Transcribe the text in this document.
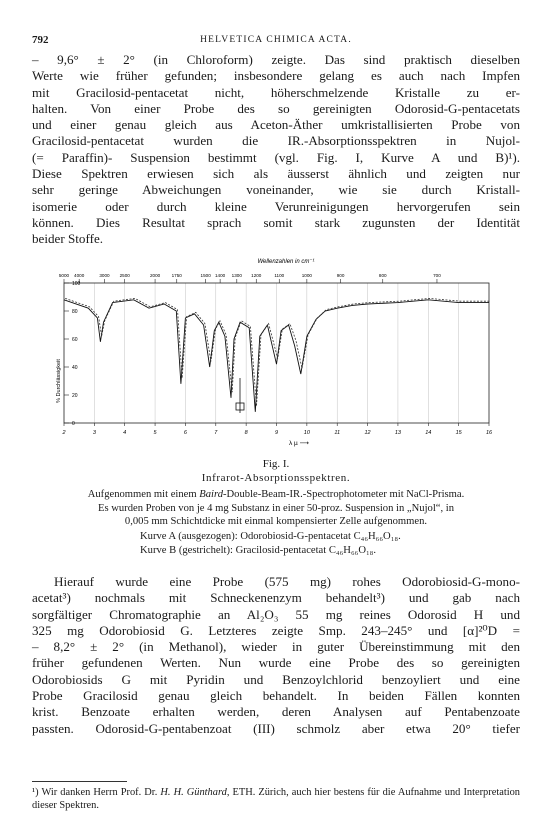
792	HELVETICA CHIMICA ACTA.
– 9,6° ± 2° (in Chloroform) zeigte. Das sind praktisch dieselben
Werte wie früher gefunden; insbesondere gelang es auch nach Impfen
mit Gracilosid-pentacetat nicht, höherschmelzende Kristalle zu er-
halten. Von einer Probe des so gereinigten Odorosid-G-pentacetats
und einer genau gleich aus Aceton-Äther umkristallisierten Probe von
Gracilosid-pentacetat wurden die IR.-Absorptionsspektren in Nujol-
(= Paraffin)- Suspension bestimmt (vgl. Fig. I, Kurve A und B)¹).
Diese Spektren erwiesen sich als äusserst ähnlich und zeigten nur
sehr geringe Abweichungen voneinander, wie sie durch Kristall-
isomerie oder durch kleine Verunreinigungen hervorgerufen sein
können. Dies Resultat sprach somit stark zugunsten der Identität
beider Stoffe.
Wellenzahlen in cm⁻¹
5000 4000	3000 2500	2000 1750	1500 1400 1300 1200	1100	1000	900	800	700
100
80
60
40
20
0
% Durchlässigkeit
2	3	4	5	6	7	8	9	10	11	12	13	14	15	16
λ µ ⟶
Fig. I.
Infrarot-Absorptionsspektren.
Aufgenommen mit einem Baird-Double-Beam-IR.-Spectrophotometer mit NaCl-Prisma.
Es wurden Proben von je 4 mg Substanz in einer 50-proz. Suspension in „Nujol“, in
0,005 mm Schichtdicke mit einmal kompensierter Zelle aufgenommen.
Kurve A (ausgezogen): Odorobiosid-G-pentacetat C₄₆H₆₆O₁₈.
Kurve B (gestrichelt): Gracilosid-pentacetat C₄₆H₆₆O₁₈.
Hierauf wurde eine Probe (575 mg) rohes Odorobiosid-G-mono-
acetat³) nochmals mit Schneckenenzym behandelt³) und gab nach
sorgfältiger Chromatographie an Al₂O₃ 55 mg reines Odorosid H und
325 mg Odorobiosid G. Letzteres zeigte Smp. 243–245° und [α]²⁰D =
– 8,2° ± 2° (in Methanol), wieder in guter Übereinstimmung mit den
früher gefundenen Werten. Nun wurde eine Probe des so gereinigten
Odorobiosids G mit Pyridin und Benzoylchlorid benzoyliert und eine
Probe Gracilosid genau gleich behandelt. In beiden Fällen konnten
krist. Benzoate erhalten werden, deren Analysen auf Pentabenzoate
passten. Odorosid-G-pentabenzoat (III) schmolz aber etwa 20° tiefer
¹) Wir danken Herrn Prof. Dr. H. H. Günthard, ETH. Zürich, auch hier bestens für die Aufnahme und Interpretation dieser Spektren.
